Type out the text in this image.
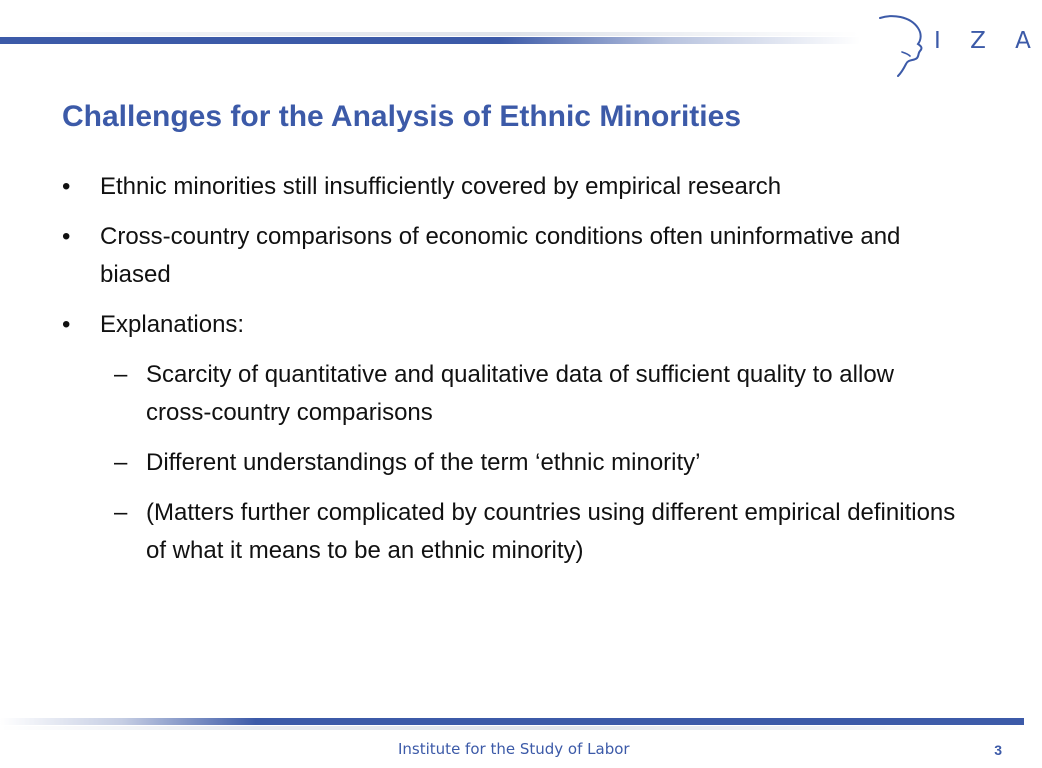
I Z A
Challenges for the Analysis of Ethnic Minorities
• Ethnic minorities still insufficiently covered by empirical research
• Cross-country comparisons of economic conditions often uninformative and biased
• Explanations:
– Scarcity of quantitative and qualitative data of sufficient quality to allow cross-country comparisons
– Different understandings of the term ‘ethnic minority’
– (Matters further complicated by countries using different empirical definitions of what it means to be an ethnic minority)
Institute for the Study of Labor	3
